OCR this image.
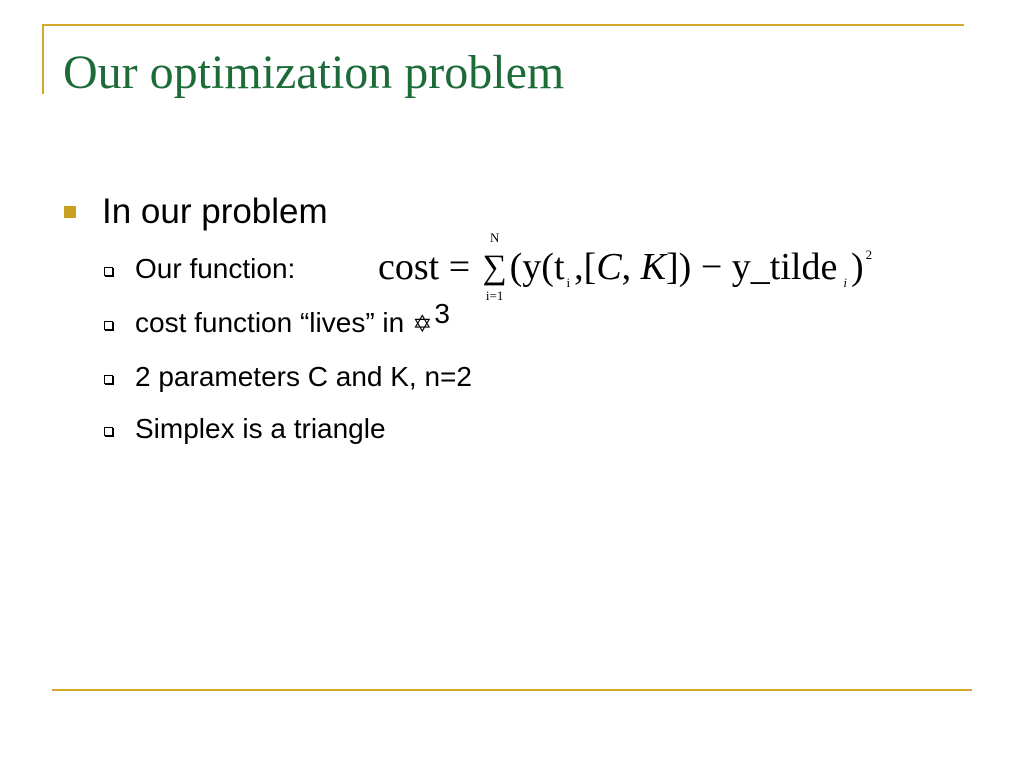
Our optimization problem
In our problem
Our function: cost =
N
∑
i=1
(y(t $_i$ ,[C, K]) − y_tilde $_i$ ) $^2$
cost function “lives” in ✡ 3
2 parameters C and K, n=2
Simplex is a triangle
